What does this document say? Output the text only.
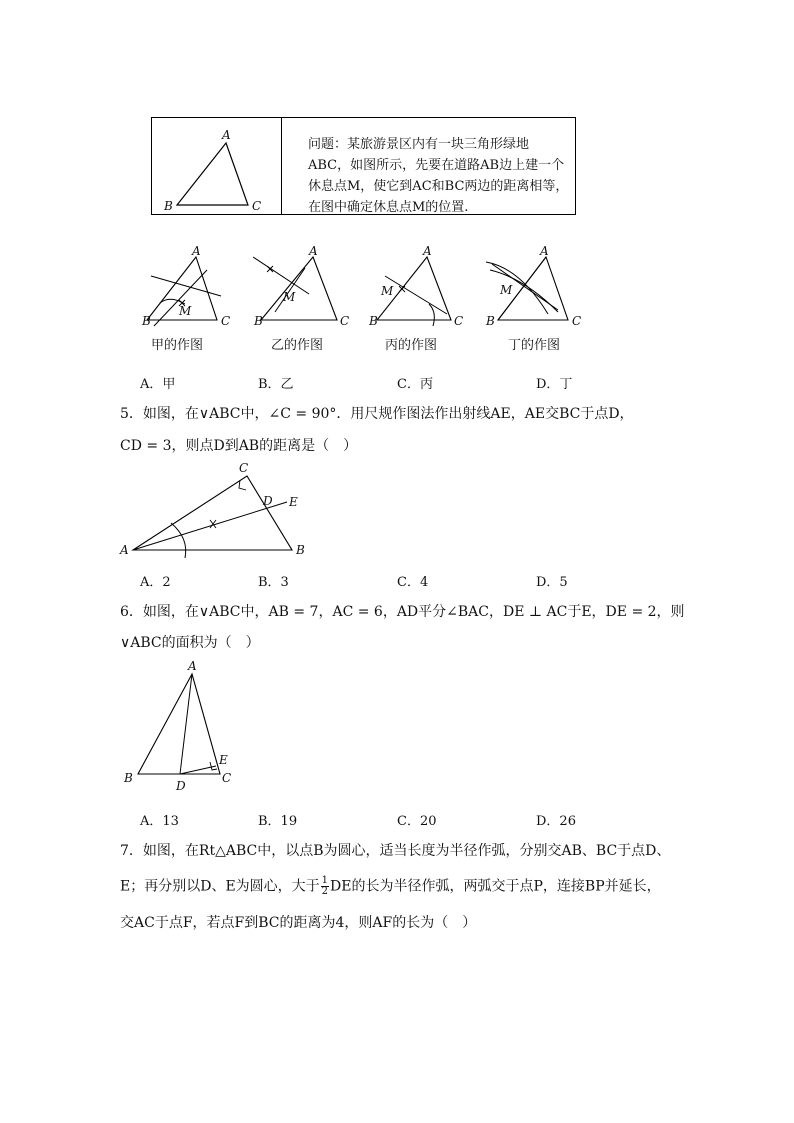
A
B	C
问题：某旅游景区内有一块三角形绿地ABC，如图所示，先要在道路AB边上建一个休息点M，使它到AC和BC两边的距离相等，在图中确定休息点M的位置.
B
A
C
M
B
A
C
M
B
A
C
M
B
A
C
M
甲的作图	乙的作图	丙的作图	丁的作图
A．甲	B．乙	C．丙	D．丁
5．如图，在∨ABC中，∠C = 90°．用尺规作图法作出射线AE，AE交BC于点D，
CD = 3，则点D到AB的距离是（　）
A	B
C
D E
A．2	B．3	C．4	D．5
6．如图，在∨ABC中，AB = 7，AC = 6，AD平分∠BAC，DE ⊥ AC于E，DE = 2，则
∨ABC的面积为（　）
A
B	C
D
E
A．13	B．19	C．20	D．26
7．如图，在Rt△ABC中，以点B为圆心，适当长度为半径作弧，分别交AB、BC于点D、
E；再分别以D、E为圆心，大于 $\frac{1}{2}$ DE的长为半径作弧，两弧交于点P，连接BP并延长，
交AC于点F，若点F到BC的距离为4，则AF的长为（　）
